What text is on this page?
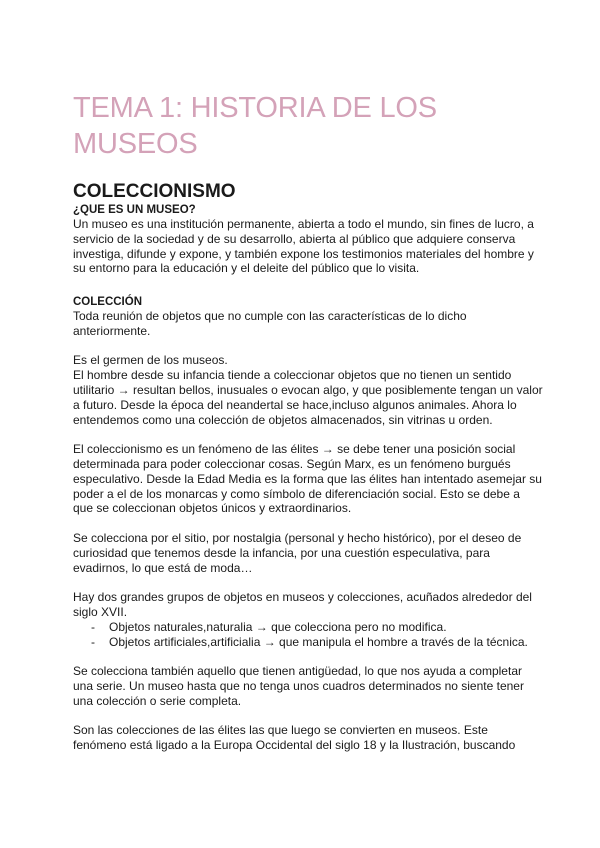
TEMA 1: HISTORIA DE LOS MUSEOS
COLECCIONISMO
¿QUE ES UN MUSEO?

Un museo es una institución permanente, abierta a todo el mundo, sin fines de lucro, a servicio de la sociedad y de su desarrollo, abierta al público que adquiere conserva investiga, difunde y expone, y también expone los testimonios materiales del hombre y su entorno para la educación y el deleite del público que lo visita.

COLECCIÓN

Toda reunión de objetos que no cumple con las características de lo dicho anteriormente.

Es el germen de los museos.

El hombre desde su infancia tiende a coleccionar objetos que no tienen un sentido utilitario → resultan bellos, inusuales o evocan algo, y que posiblemente tengan un valor a futuro. Desde la época del neandertal se hace,incluso algunos animales. Ahora lo entendemos como una colección de objetos almacenados, sin vitrinas u orden.

El coleccionismo es un fenómeno de las élites → se debe tener una posición social determinada para poder coleccionar cosas. Según Marx, es un fenómeno burgués especulativo. Desde la Edad Media es la forma que las élites han intentado asemejar su poder a el de los monarcas y como símbolo de diferenciación social. Esto se debe a que se coleccionan objetos únicos y extraordinarios.

Se colecciona por el sitio, por nostalgia (personal y hecho histórico), por el deseo de curiosidad que tenemos desde la infancia, por una cuestión especulativa, para evadirnos, lo que está de moda…

Hay dos grandes grupos de objetos en museos y colecciones, acuñados alrededor del siglo XVII.

- Objetos naturales,naturalia → que colecciona pero no modifica.
- Objetos artificiales,artificialia → que manipula el hombre a través de la técnica.

Se colecciona también aquello que tienen antigüedad, lo que nos ayuda a completar una serie. Un museo hasta que no tenga unos cuadros determinados no siente tener una colección o serie completa.

Son las colecciones de las élites las que luego se convierten en museos. Este fenómeno está ligado a la Europa Occidental del siglo 18 y la Ilustración, buscando
